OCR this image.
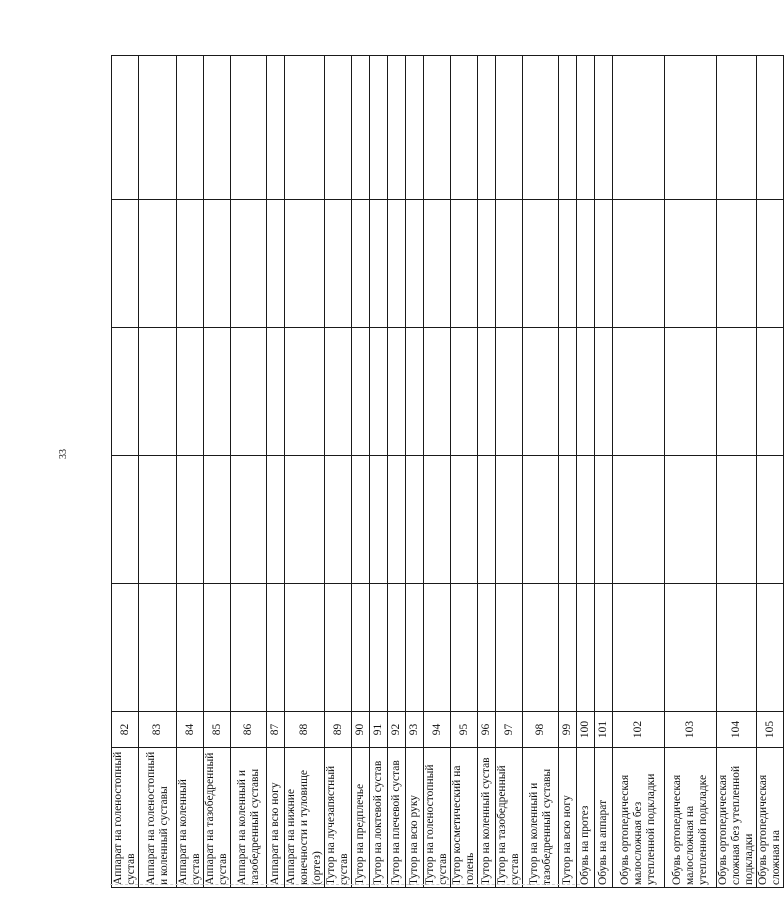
33
Аппарат на голеностопный сустав	82					
Аппарат на голеностопный и коленный суставы	83					
Аппарат на коленный сустав	84					
Аппарат на тазобедренный сустав	85					
Аппарат на коленный и тазобедренный суставы	86					
Аппарат на всю ногу	87					
Аппарат на нижние конечности и туловище (ортез)	88					
Тутор на лучезапястный сустав	89					
Тутор на предплечье	90					
Тутор на локтевой сустав	91					
Тутор на плечевой сустав	92					
Тутор на всю руку	93					
Тутор на голеностопный сустав	94					
Тутор косметический на голень	95					
Тутор на коленный сустав	96					
Тутор на тазобедренный сустав	97					
Тутор на коленный и тазобедренный суставы	98					
Тутор на всю ногу	99					
Обувь на протез	100					
Обувь на аппарат	101					
Обувь ортопедическая малосложная без утепленной подкладки	102					
Обувь ортопедическая малосложная на утепленной подкладке	103					
Обувь ортопедическая сложная без утепленной подкладки	104					
Обувь ортопедическая сложная на	105					
